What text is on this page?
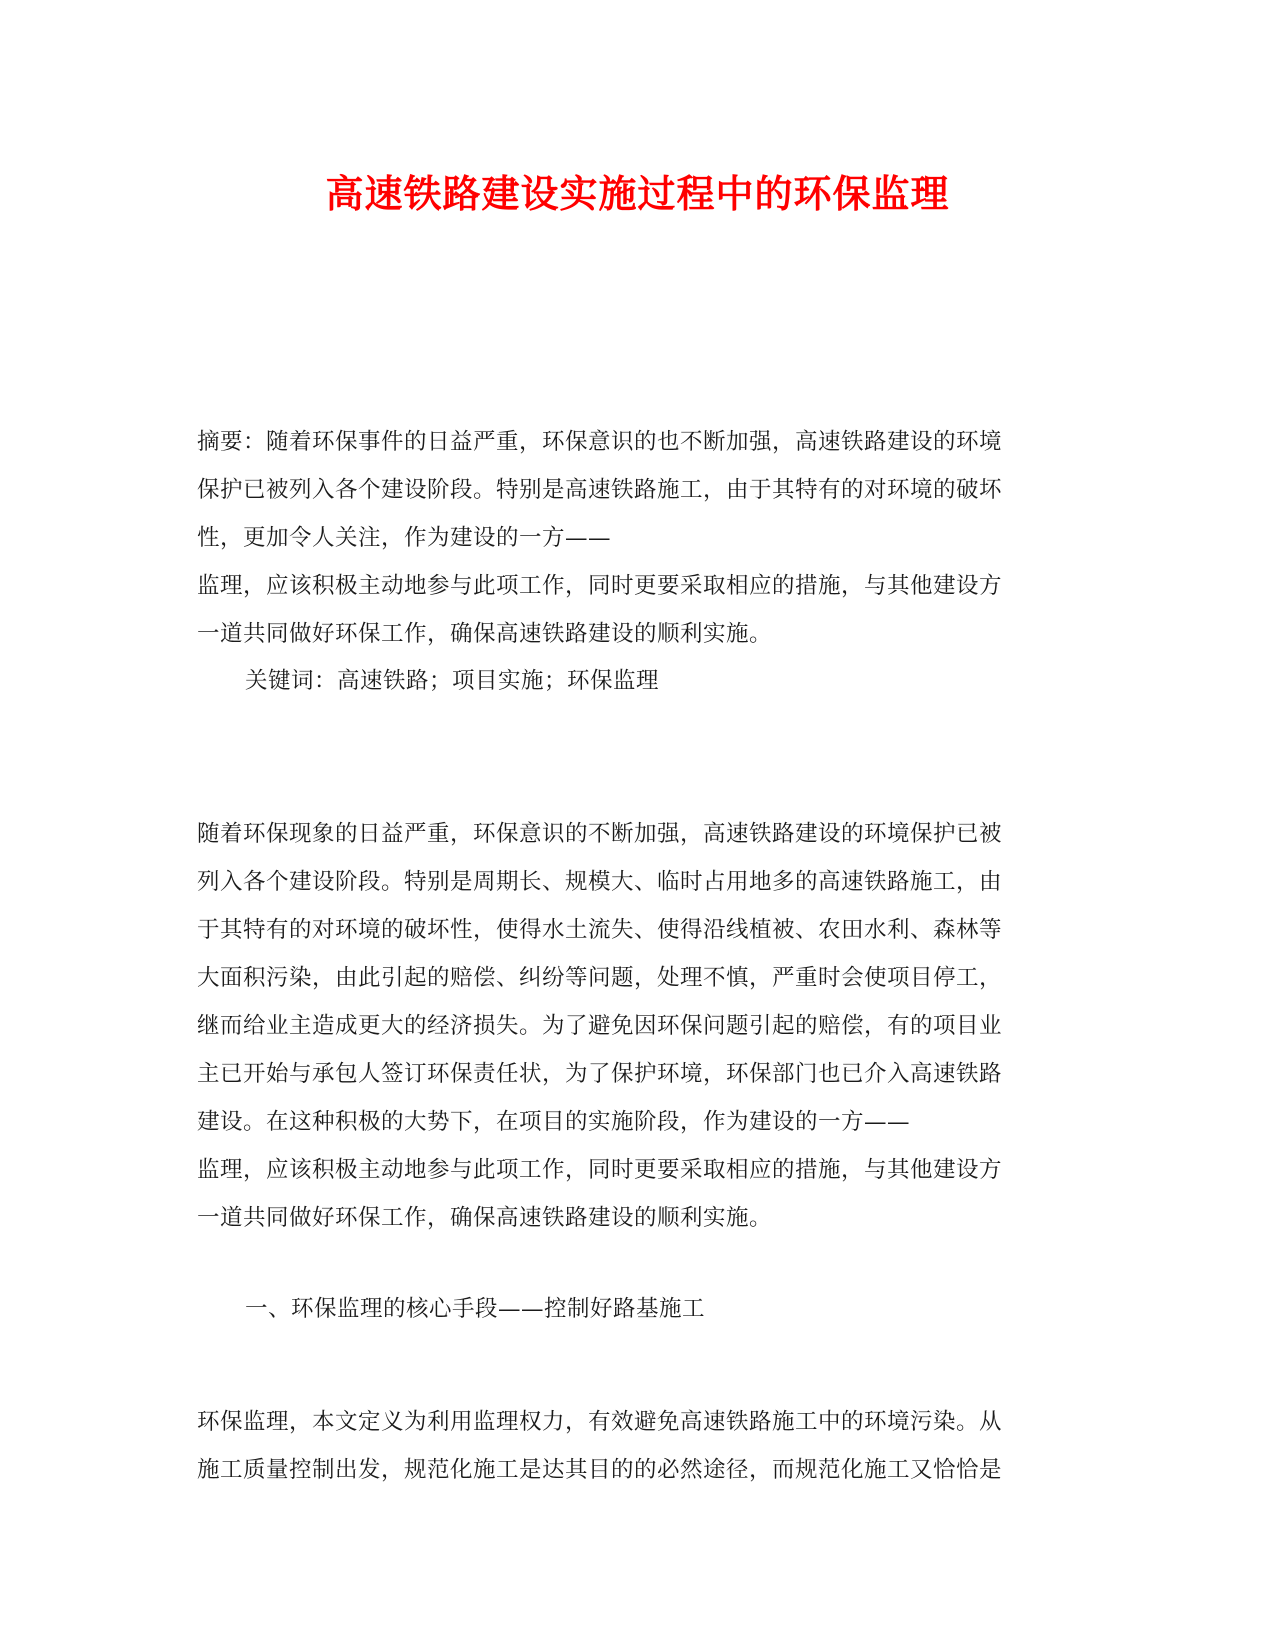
高速铁路建设实施过程中的环保监理
摘要：随着环保事件的日益严重，环保意识的也不断加强，高速铁路建设的环境
保护已被列入各个建设阶段。特别是高速铁路施工，由于其特有的对环境的破坏
性，更加令人关注，作为建设的一方——
监理，应该积极主动地参与此项工作，同时更要采取相应的措施，与其他建设方
一道共同做好环保工作，确保高速铁路建设的顺利实施。
关键词：高速铁路；项目实施；环保监理
随着环保现象的日益严重，环保意识的不断加强，高速铁路建设的环境保护已被
列入各个建设阶段。特别是周期长、规模大、临时占用地多的高速铁路施工，由
于其特有的对环境的破坏性，使得水土流失、使得沿线植被、农田水利、森林等
大面积污染，由此引起的赔偿、纠纷等问题，处理不慎，严重时会使项目停工，
继而给业主造成更大的经济损失。为了避免因环保问题引起的赔偿，有的项目业
主已开始与承包人签订环保责任状，为了保护环境，环保部门也已介入高速铁路
建设。在这种积极的大势下，在项目的实施阶段，作为建设的一方——
监理，应该积极主动地参与此项工作，同时更要采取相应的措施，与其他建设方
一道共同做好环保工作，确保高速铁路建设的顺利实施。
一、环保监理的核心手段——控制好路基施工
环保监理，本文定义为利用监理权力，有效避免高速铁路施工中的环境污染。从
施工质量控制出发，规范化施工是达其目的的必然途径，而规范化施工又恰恰是
